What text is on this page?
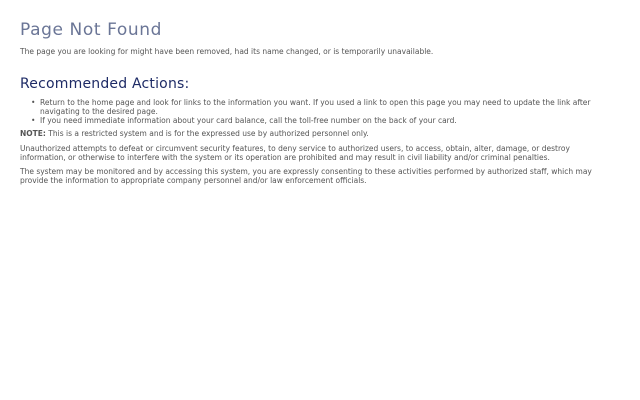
Page Not Found

The page you are looking for might have been removed, had its name changed, or is temporarily unavailable.

Recommended Actions:
• Return to the home page and look for links to the information you want. If you used a link to open this page you may need to update the link after navigating to the desired page.
• If you need immediate information about your card balance, call the toll-free number on the back of your card.

NOTE: This is a restricted system and is for the expressed use by authorized personnel only.

Unauthorized attempts to defeat or circumvent security features, to deny service to authorized users, to access, obtain, alter, damage, or destroy information, or otherwise to interfere with the system or its operation are prohibited and may result in civil liability and/or criminal penalties.

The system may be monitored and by accessing this system, you are expressly consenting to these activities performed by authorized staff, which may provide the information to appropriate company personnel and/or law enforcement officials.
